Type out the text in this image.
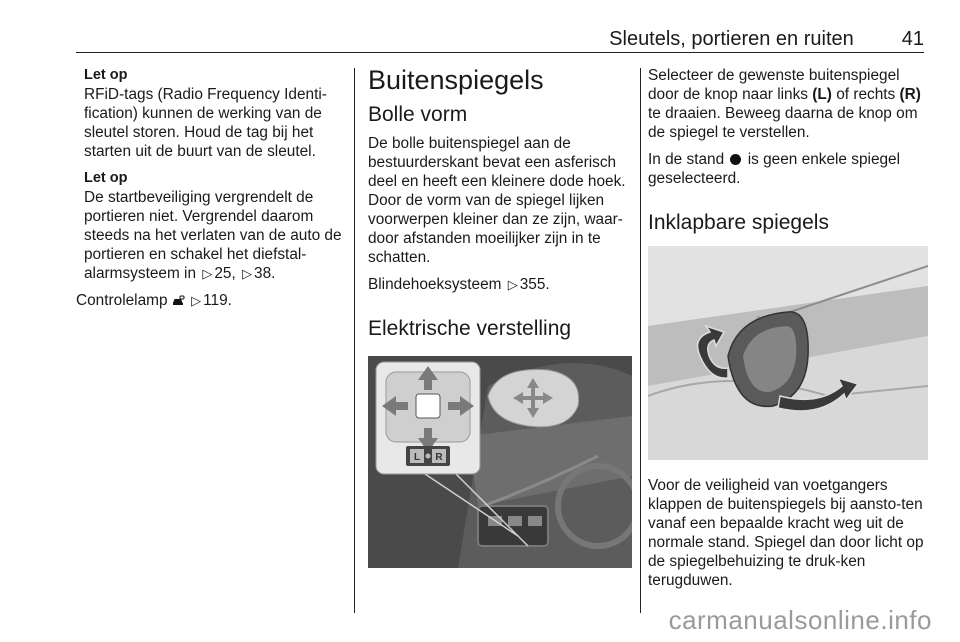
Sleutels, portieren en ruiten 41
Let op
RFiD-tags (Radio Frequency Identi-fication) kunnen de werking van de sleutel storen. Houd de tag bij het starten uit de buurt van de sleutel.
Let op
De startbeveiliging vergrendelt de portieren niet. Vergrendel daarom steeds na het verlaten van de auto de portieren en schakel het diefstal-alarmsysteem in ▷ 25, ▷ 38.

Controlelamp ▷ 119.

Buitenspiegels
Bolle vorm

De bolle buitenspiegel aan de bestuurderskant bevat een asferisch deel en heeft een kleinere dode hoek. Door de vorm van de spiegel lijken voorwerpen kleiner dan ze zijn, waar-door afstanden moeilijker zijn in te schatten.

Blindehoeksysteem ▷ 355.

Elektrische verstelling
L R

Selecteer de gewenste buitenspiegel door de knop naar links (L) of rechts (R) te draaien. Beweeg daarna de knop om de spiegel te verstellen.

In de stand is geen enkele spiegel geselecteerd.

Inklapbare spiegels

Voor de veiligheid van voetgangers klappen de buitenspiegels bij aansto-ten vanaf een bepaalde kracht weg uit de normale stand. Spiegel dan door licht op de spiegelbehuizing te druk-ken terugduwen.

carmanualsonline.info
